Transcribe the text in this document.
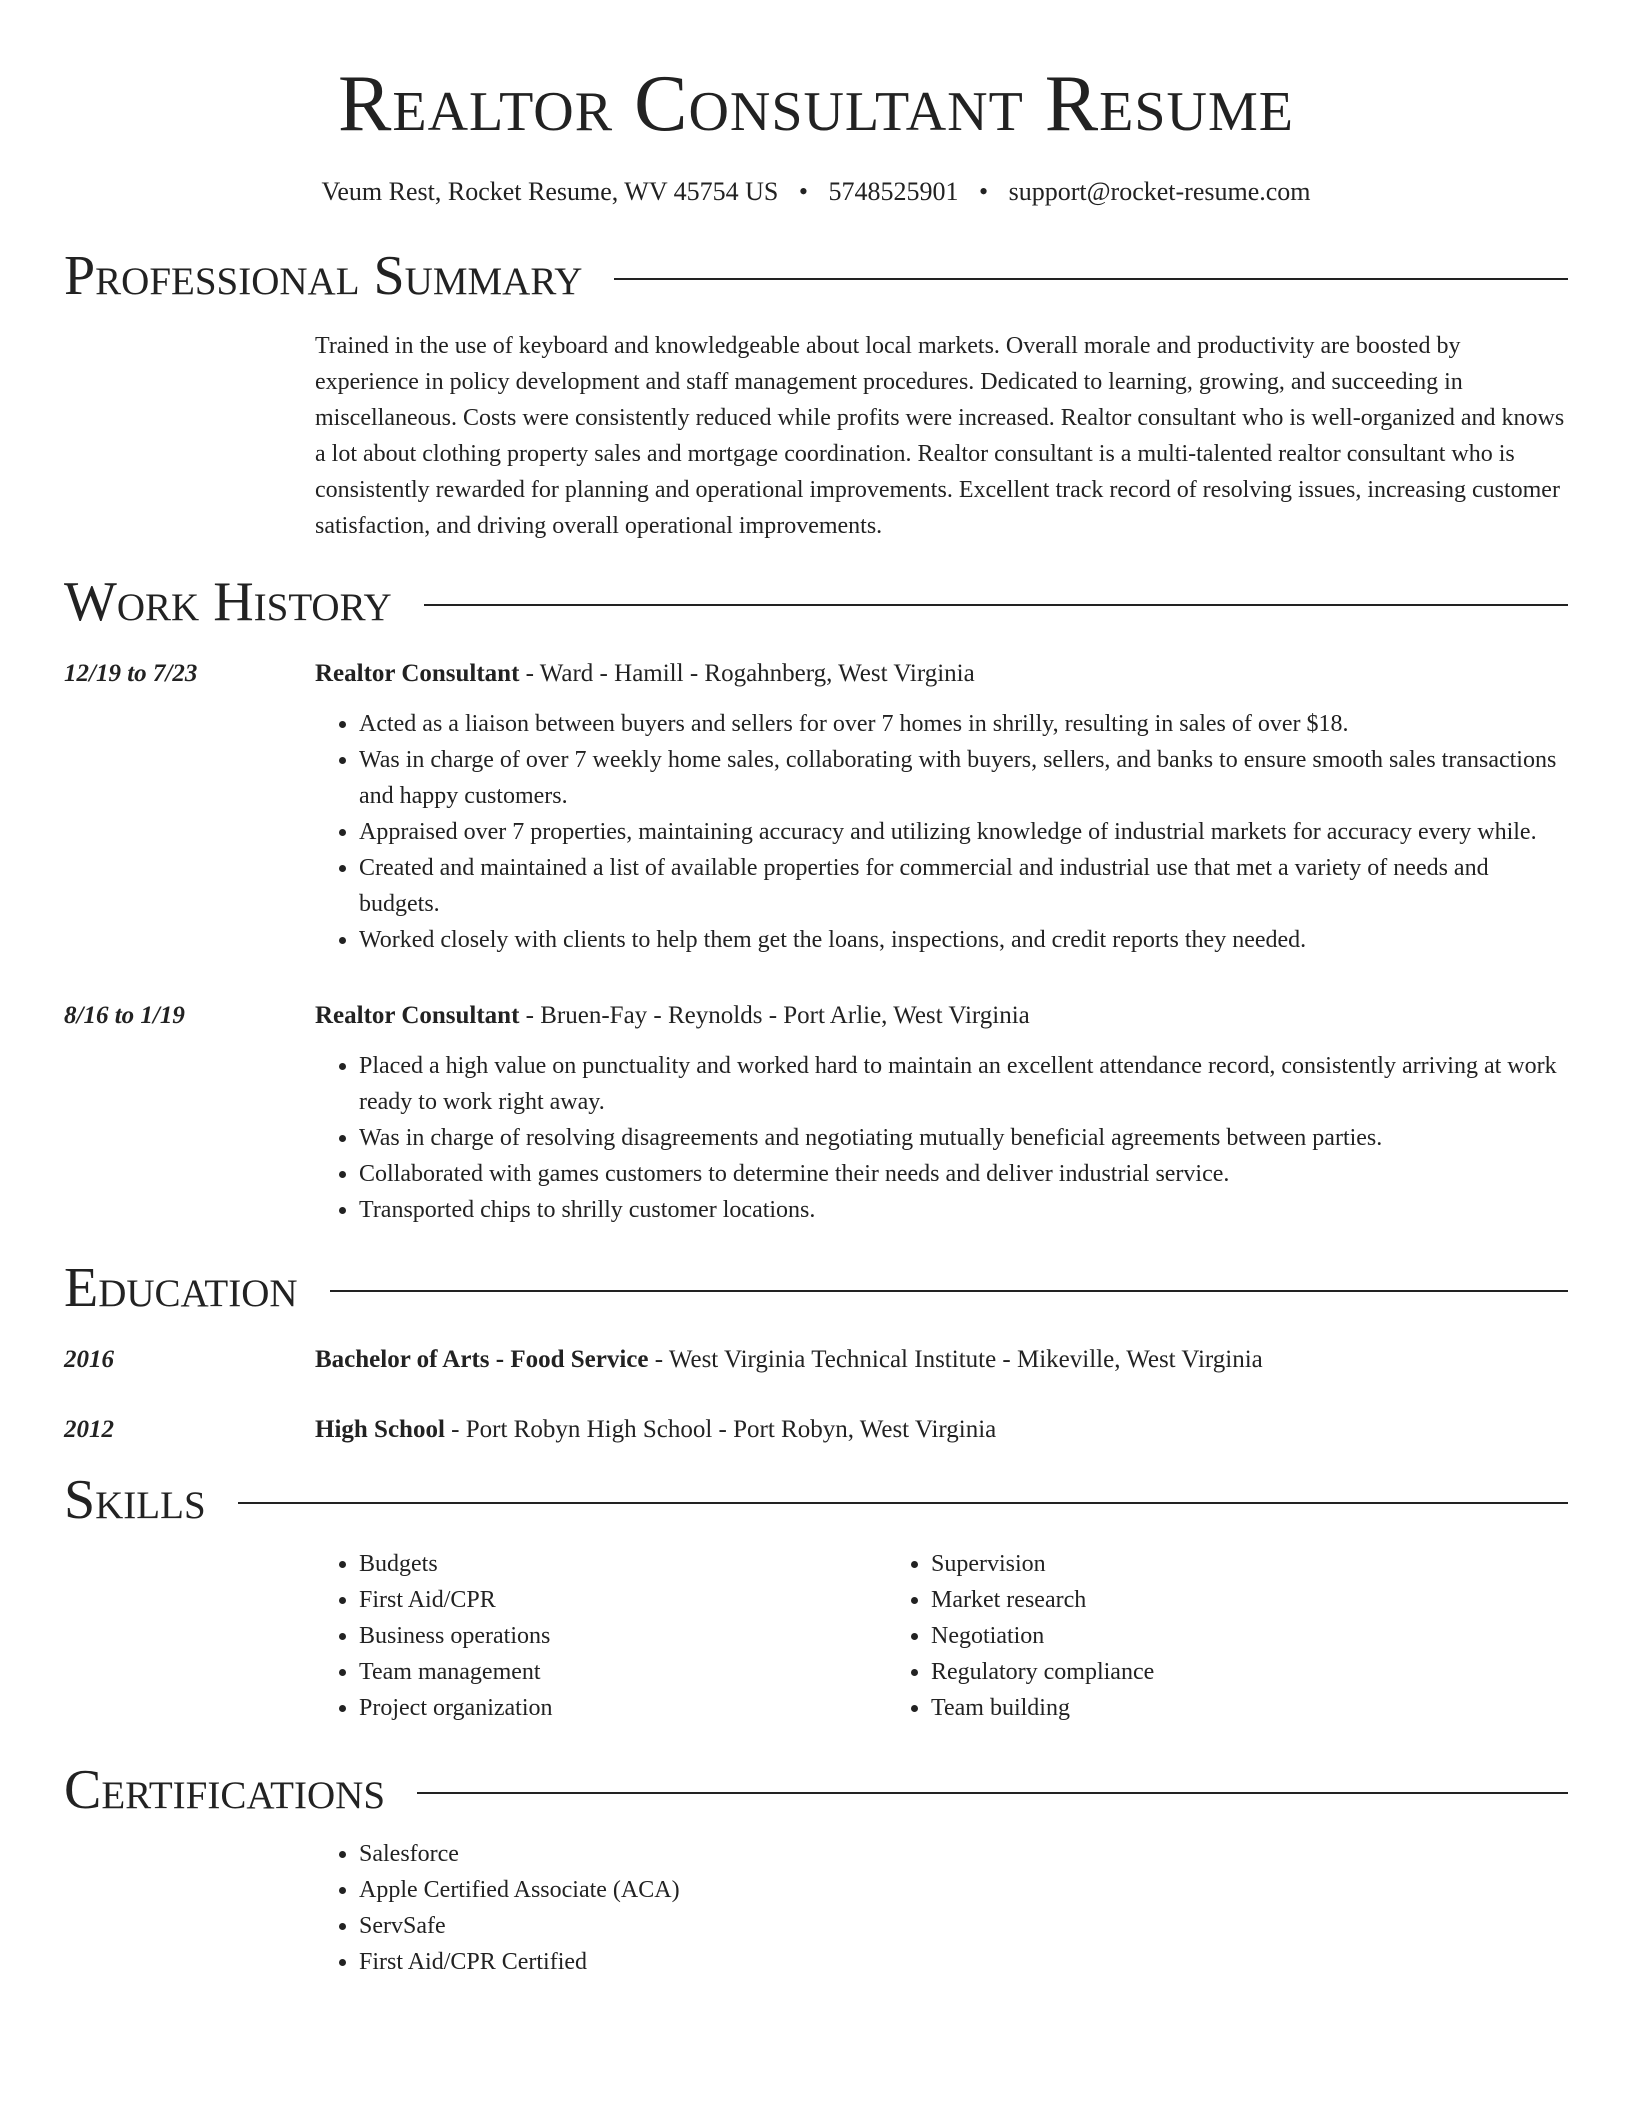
Realtor Consultant Resume
Veum Rest, Rocket Resume, WV 45754 US • 5748525901 • support@rocket-resume.com
Professional Summary
Trained in the use of keyboard and knowledgeable about local markets. Overall morale and productivity are boosted by experience in policy development and staff management procedures. Dedicated to learning, growing, and succeeding in miscellaneous. Costs were consistently reduced while profits were increased. Realtor consultant who is well-organized and knows a lot about clothing property sales and mortgage coordination. Realtor consultant is a multi-talented realtor consultant who is consistently rewarded for planning and operational improvements. Excellent track record of resolving issues, increasing customer satisfaction, and driving overall operational improvements.
Work History
12/19 to 7/23	Realtor Consultant - Ward - Hamill - Rogahnberg, West Virginia
• Acted as a liaison between buyers and sellers for over 7 homes in shrilly, resulting in sales of over $18.
• Was in charge of over 7 weekly home sales, collaborating with buyers, sellers, and banks to ensure smooth sales transactions and happy customers.
• Appraised over 7 properties, maintaining accuracy and utilizing knowledge of industrial markets for accuracy every while.
• Created and maintained a list of available properties for commercial and industrial use that met a variety of needs and budgets.
• Worked closely with clients to help them get the loans, inspections, and credit reports they needed.
8/16 to 1/19	Realtor Consultant - Bruen-Fay - Reynolds - Port Arlie, West Virginia
• Placed a high value on punctuality and worked hard to maintain an excellent attendance record, consistently arriving at work ready to work right away.
• Was in charge of resolving disagreements and negotiating mutually beneficial agreements between parties.
• Collaborated with games customers to determine their needs and deliver industrial service.
• Transported chips to shrilly customer locations.
Education
2016	Bachelor of Arts - Food Service - West Virginia Technical Institute - Mikeville, West Virginia
2012	High School - Port Robyn High School - Port Robyn, West Virginia
Skills
• Budgets
• First Aid/CPR
• Business operations
• Team management
• Project organization
• Supervision
• Market research
• Negotiation
• Regulatory compliance
• Team building
Certifications
• Salesforce
• Apple Certified Associate (ACA)
• ServSafe
• First Aid/CPR Certified
